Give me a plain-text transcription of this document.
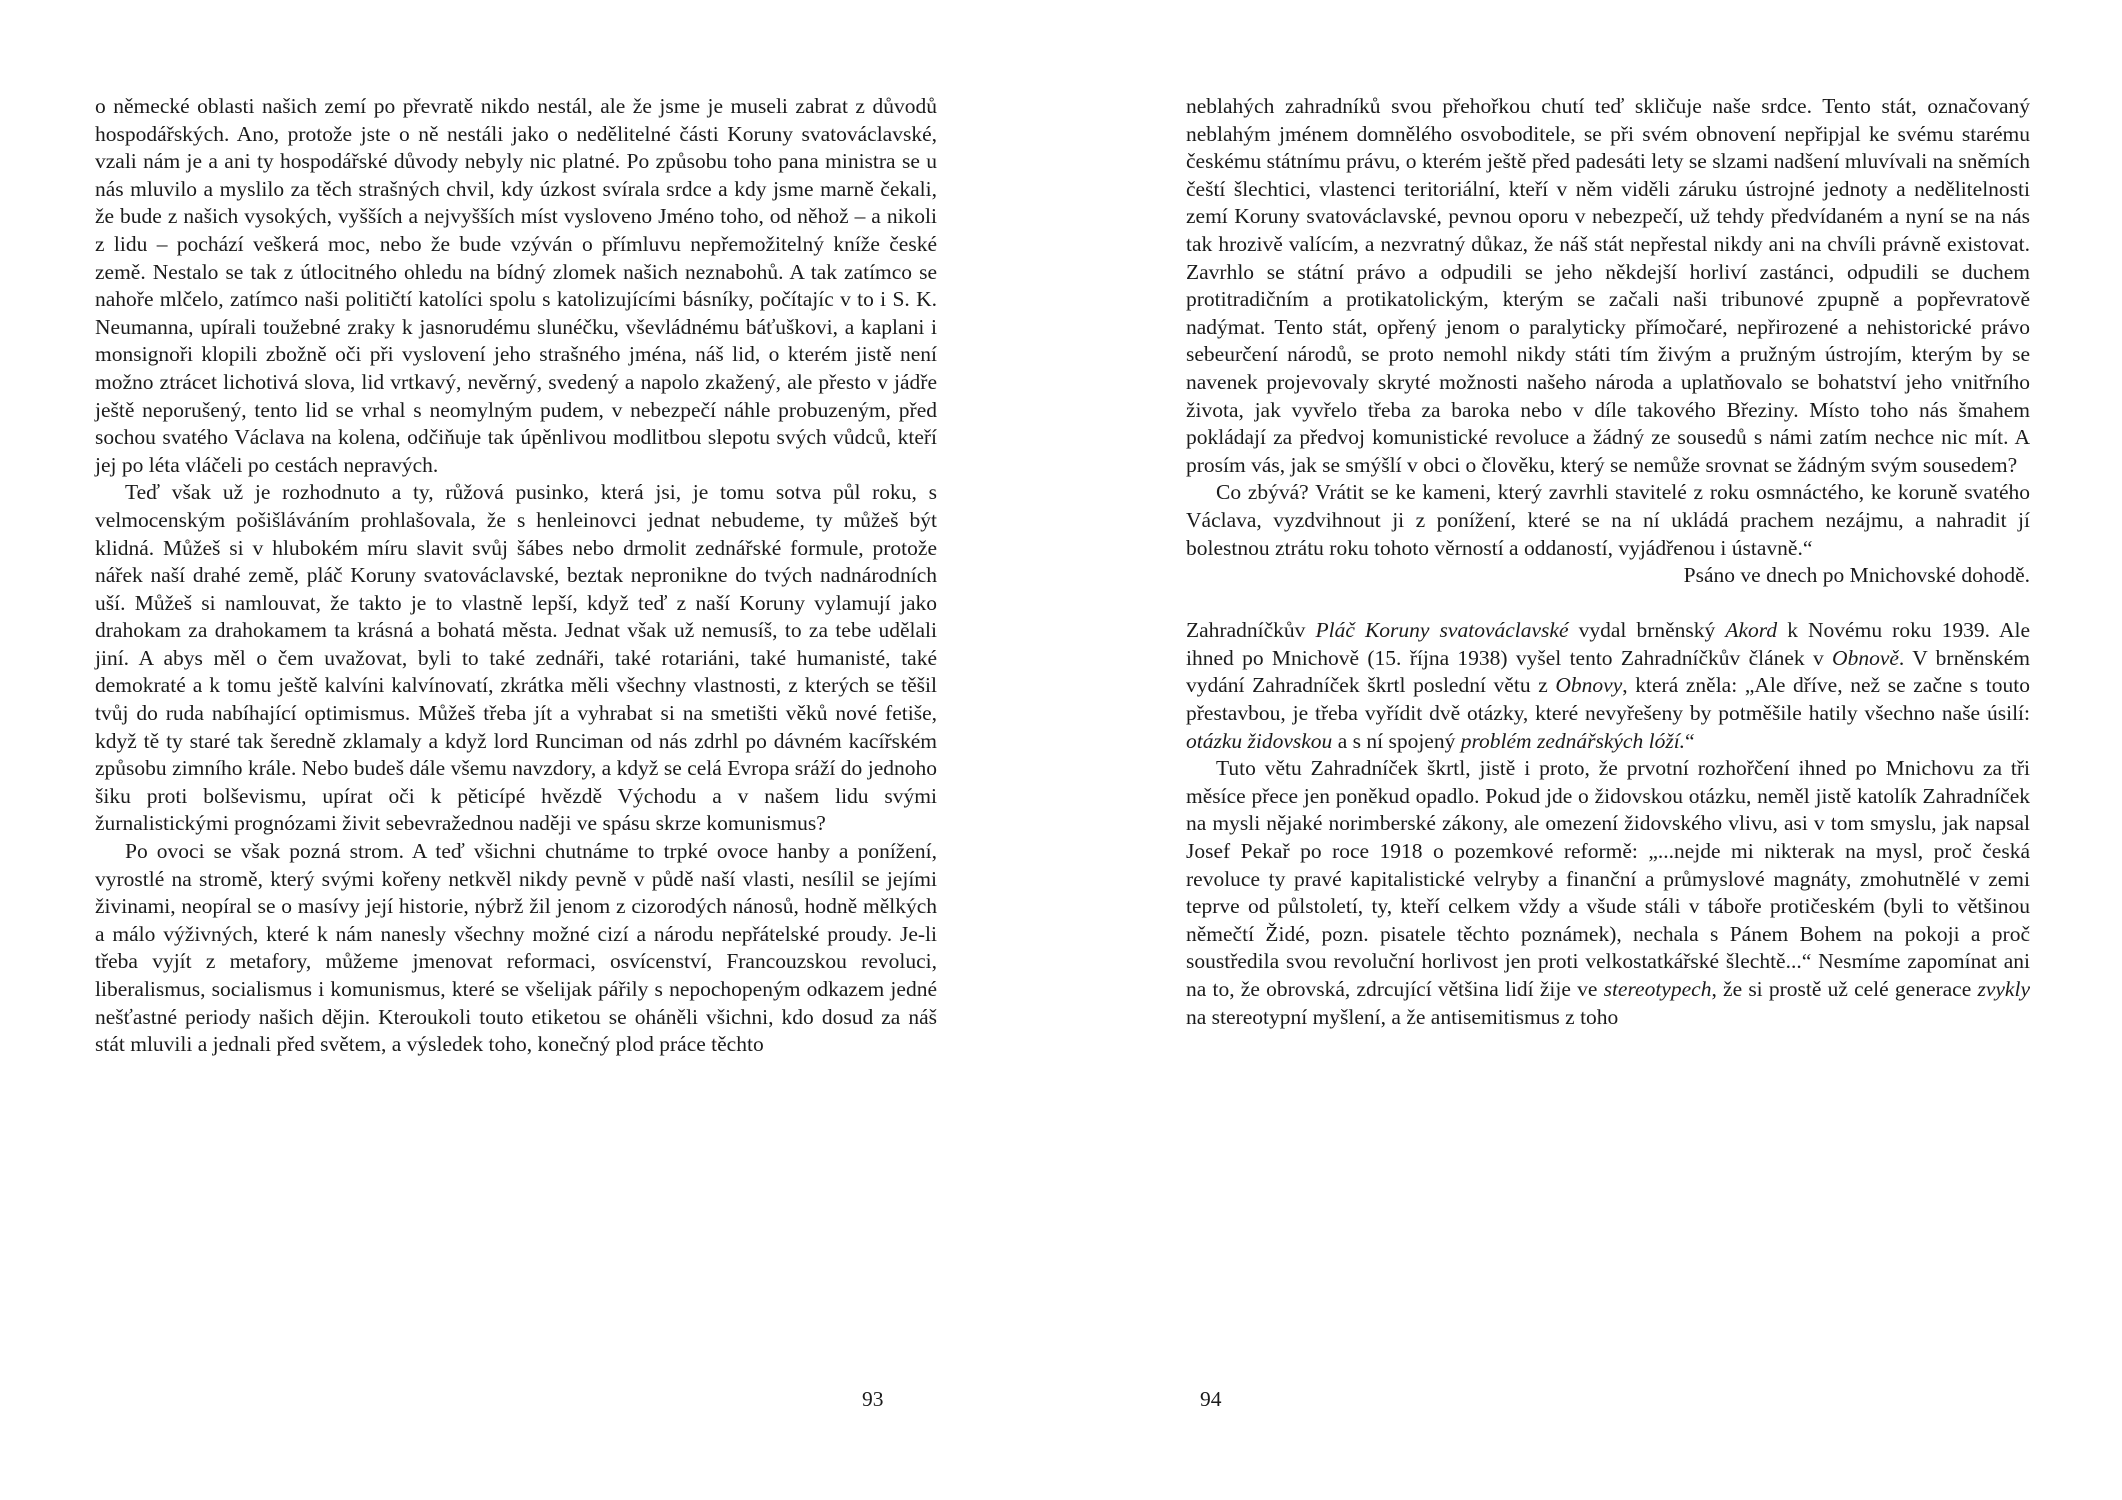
o německé oblasti našich zemí po převratě nikdo nestál, ale že jsme je museli zabrat z důvodů hospodářských. Ano, protože jste o ně nestáli jako o nedělitelné části Koruny svatováclavské, vzali nám je a ani ty hospodářské důvody nebyly nic platné. Po způsobu toho pana ministra se u nás mluvilo a myslilo za těch strašných chvil, kdy úzkost svírala srdce a kdy jsme marně čekali, že bude z našich vysokých, vyšších a nejvyšších míst vysloveno Jméno toho, od něhož – a nikoli z lidu – pochází veškerá moc, nebo že bude vzýván o přímluvu nepřemožitelný kníže české země. Nestalo se tak z útlocitného ohledu na bídný zlomek našich neznabohů. A tak zatímco se nahoře mlčelo, zatímco naši političtí katolíci spolu s katolizujícími básníky, počítajíc v to i S. K. Neumanna, upírali toužebné zraky k jasnorudému slunéčku, vševládnému báťuškovi, a kaplani i monsignoři klopili zbožně oči při vyslovení jeho strašného jména, náš lid, o kterém jistě není možno ztrácet lichotivá slova, lid vrtkavý, nevěrný, svedený a napolo zkažený, ale přesto v jádře ještě neporušený, tento lid se vrhal s neomylným pudem, v nebezpečí náhle probuzeným, před sochou svatého Václava na kolena, odčiňuje tak úpěnlivou modlitbou slepotu svých vůdců, kteří jej po léta vláčeli po cestách nepravých.

Teď však už je rozhodnuto a ty, růžová pusinko, která jsi, je tomu sotva půl roku, s velmocenským pošišláváním prohlašovala, že s henleinovci jednat nebudeme, ty můžeš být klidná. Můžeš si v hlubokém míru slavit svůj šábes nebo drmolit zednářské formule, protože nářek naší drahé země, pláč Koruny svatováclavské, beztak nepronikne do tvých nadnárodních uší. Můžeš si namlouvat, že takto je to vlastně lepší, když teď z naší Koruny vylamují jako drahokam za drahokamem ta krásná a bohatá města. Jednat však už nemusíš, to za tebe udělali jiní. A abys měl o čem uvažovat, byli to také zednáři, také rotariáni, také humanisté, také demokraté a k tomu ještě kalvíni kalvínovatí, zkrátka měli všechny vlastnosti, z kterých se těšil tvůj do ruda nabíhající optimismus. Můžeš třeba jít a vyhrabat si na smetišti věků nové fetiše, když tě ty staré tak šeredně zklamaly a když lord Runciman od nás zdrhl po dávném kacířském způsobu zimního krále. Nebo budeš dále všemu navzdory, a když se celá Evropa sráží do jednoho šiku proti bolševismu, upírat oči k pěticípé hvězdě Východu a v našem lidu svými žurnalistickými prognózami živit sebevražednou naději ve spásu skrze komunismus?

Po ovoci se však pozná strom. A teď všichni chutnáme to trpké ovoce hanby a ponížení, vyrostlé na stromě, který svými kořeny netkvěl nikdy pevně v půdě naší vlasti, nesílil se jejími živinami, neopíral se o masívy její historie, nýbrž žil jenom z cizorodých nánosů, hodně mělkých a málo výživných, které k nám nanesly všechny možné cizí a národu nepřátelské proudy. Je-li třeba vyjít z metafory, můžeme jmenovat reformaci, osvícenství, Francouzskou revoluci, liberalismus, socialismus i komunismus, které se všelijak pářily s nepochopeným odkazem jedné nešťastné periody našich dějin. Kteroukoli touto etiketou se oháněli všichni, kdo dosud za náš stát mluvili a jednali před světem, a výsledek toho, konečný plod práce těchto

neblahých zahradníků svou přehořkou chutí teď skličuje naše srdce. Tento stát, označovaný neblahým jménem domnělého osvoboditele, se při svém obnovení nepřipjal ke svému starému českému státnímu právu, o kterém ještě před padesáti lety se slzami nadšení mluvívali na sněmích čeští šlechtici, vlastenci teritoriální, kteří v něm viděli záruku ústrojné jednoty a nedělitelnosti zemí Koruny svatováclavské, pevnou oporu v nebezpečí, už tehdy předvídaném a nyní se na nás tak hrozivě valícím, a nezvratný důkaz, že náš stát nepřestal nikdy ani na chvíli právně existovat. Zavrhlo se státní právo a odpudili se jeho někdejší horliví zastánci, odpudili se duchem protitradičním a protikatolickým, kterým se začali naši tribunové zpupně a popřevratově nadýmat. Tento stát, opřený jenom o paralyticky přímočaré, nepřirozené a nehistorické právo sebeurčení národů, se proto nemohl nikdy státi tím živým a pružným ústrojím, kterým by se navenek projevovaly skryté možnosti našeho národa a uplatňovalo se bohatství jeho vnitřního života, jak vyvřelo třeba za baroka nebo v díle takového Březiny. Místo toho nás šmahem pokládají za předvoj komunistické revoluce a žádný ze sousedů s námi zatím nechce nic mít. A prosím vás, jak se smýšlí v obci o člověku, který se nemůže srovnat se žádným svým sousedem?

Co zbývá? Vrátit se ke kameni, který zavrhli stavitelé z roku osmnáctého, ke koruně svatého Václava, vyzdvihnout ji z ponížení, které se na ní ukládá prachem nezájmu, a nahradit jí bolestnou ztrátu roku tohoto věrností a oddaností, vyjádřenou i ústavně.“

Psáno ve dnech po Mnichovské dohodě.

Zahradníčkův Pláč Koruny svatováclavské vydal brněnský Akord k Novému roku 1939. Ale ihned po Mnichově (15. října 1938) vyšel tento Zahradníčkův článek v Obnově. V brněnském vydání Zahradníček škrtl poslední větu z Obnovy, která zněla: „Ale dříve, než se začne s touto přestavbou, je třeba vyřídit dvě otázky, které nevyřešeny by potměšile hatily všechno naše úsilí: otázku židovskou a s ní spojený problém zednářských lóží.“

Tuto větu Zahradníček škrtl, jistě i proto, že prvotní rozhořčení ihned po Mnichovu za tři měsíce přece jen poněkud opadlo. Pokud jde o židovskou otázku, neměl jistě katolík Zahradníček na mysli nějaké norimberské zákony, ale omezení židovského vlivu, asi v tom smyslu, jak napsal Josef Pekař po roce 1918 o pozemkové reformě: „...nejde mi nikterak na mysl, proč česká revoluce ty pravé kapitalistické velryby a finanční a průmyslové magnáty, zmohutnělé v zemi teprve od půlstoletí, ty, kteří celkem vždy a všude stáli v táboře protičeském (byli to většinou němečtí Židé, pozn. pisatele těchto poznámek), nechala s Pánem Bohem na pokoji a proč soustředila svou revoluční horlivost jen proti velkostatkářské šlechtě...“ Nesmíme zapomínat ani na to, že obrovská, zdrcující většina lidí žije ve stereotypech, že si prostě už celé generace zvykly na stereotypní myšlení, a že antisemitismus z toho

93	94
